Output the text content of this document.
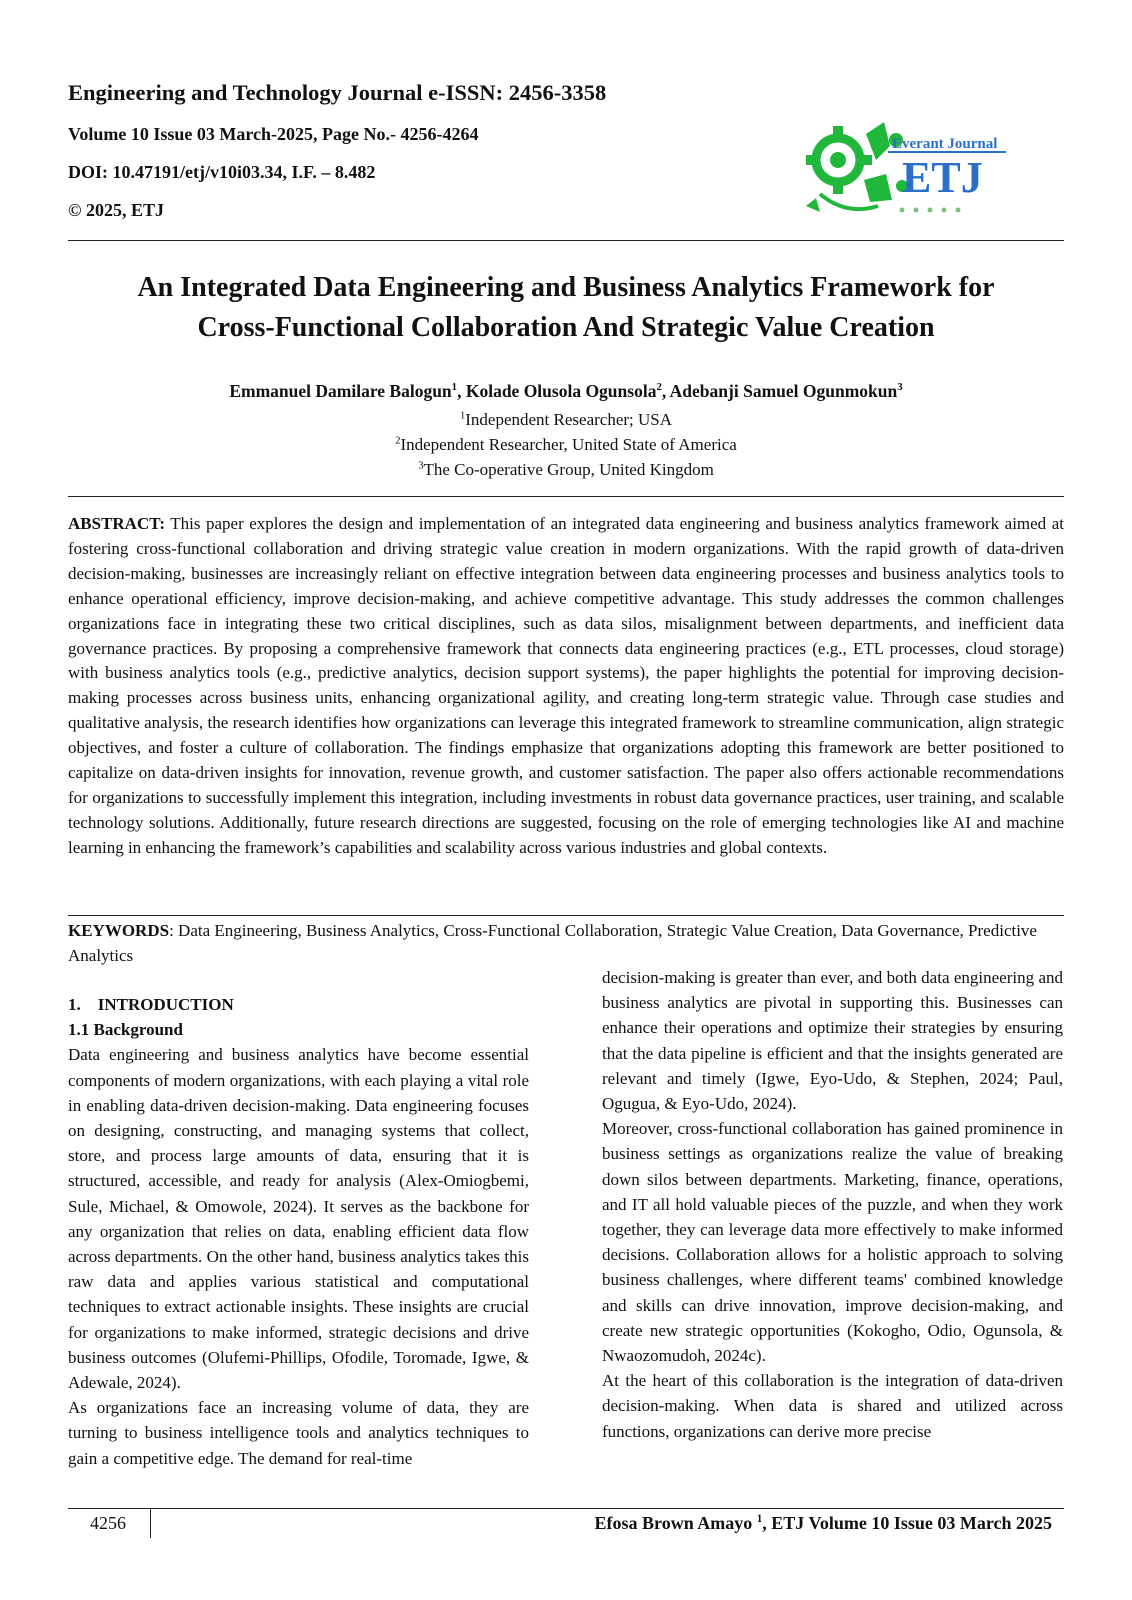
Engineering and Technology Journal e-ISSN: 2456-3358

Volume 10 Issue 03 March-2025, Page No.- 4256-4264

DOI: 10.47191/etj/v10i03.34, I.F. – 8.482

© 2025, ETJ

Everant Journal
ETJ
An Integrated Data Engineering and Business Analytics Framework for
Cross-Functional Collaboration And Strategic Value Creation

Emmanuel Damilare Balogun$^1$, Kolade Olusola Ogunsola$^2$, Adebanji Samuel Ogunmokun$^3$

$^1$Independent Researcher; USA
$^2$Independent Researcher, United State of America
$^3$The Co-operative Group, United Kingdom

ABSTRACT: This paper explores the design and implementation of an integrated data engineering and business analytics framework aimed at fostering cross-functional collaboration and driving strategic value creation in modern organizations. With the rapid growth of data-driven decision-making, businesses are increasingly reliant on effective integration between data engineering processes and business analytics tools to enhance operational efficiency, improve decision-making, and achieve competitive advantage. This study addresses the common challenges organizations face in integrating these two critical disciplines, such as data silos, misalignment between departments, and inefficient data governance practices. By proposing a comprehensive framework that connects data engineering practices (e.g., ETL processes, cloud storage) with business analytics tools (e.g., predictive analytics, decision support systems), the paper highlights the potential for improving decision-making processes across business units, enhancing organizational agility, and creating long-term strategic value. Through case studies and qualitative analysis, the research identifies how organizations can leverage this integrated framework to streamline communication, align strategic objectives, and foster a culture of collaboration. The findings emphasize that organizations adopting this framework are better positioned to capitalize on data-driven insights for innovation, revenue growth, and customer satisfaction. The paper also offers actionable recommendations for organizations to successfully implement this integration, including investments in robust data governance practices, user training, and scalable technology solutions. Additionally, future research directions are suggested, focusing on the role of emerging technologies like AI and machine learning in enhancing the framework’s capabilities and scalability across various industries and global contexts.

KEYWORDS: Data Engineering, Business Analytics, Cross-Functional Collaboration, Strategic Value Creation, Data Governance, Predictive Analytics

1. INTRODUCTION

1.1 Background

Data engineering and business analytics have become essential components of modern organizations, with each playing a vital role in enabling data-driven decision-making. Data engineering focuses on designing, constructing, and managing systems that collect, store, and process large amounts of data, ensuring that it is structured, accessible, and ready for analysis (Alex-Omiogbemi, Sule, Michael, & Omowole, 2024). It serves as the backbone for any organization that relies on data, enabling efficient data flow across departments. On the other hand, business analytics takes this raw data and applies various statistical and computational techniques to extract actionable insights. These insights are crucial for organizations to make informed, strategic decisions and drive business outcomes (Olufemi-Phillips, Ofodile, Toromade, Igwe, & Adewale, 2024).

As organizations face an increasing volume of data, they are turning to business intelligence tools and analytics techniques to gain a competitive edge. The demand for real-time

decision-making is greater than ever, and both data engineering and business analytics are pivotal in supporting this. Businesses can enhance their operations and optimize their strategies by ensuring that the data pipeline is efficient and that the insights generated are relevant and timely (Igwe, Eyo-Udo, & Stephen, 2024; Paul, Ogugua, & Eyo-Udo, 2024).

Moreover, cross-functional collaboration has gained prominence in business settings as organizations realize the value of breaking down silos between departments. Marketing, finance, operations, and IT all hold valuable pieces of the puzzle, and when they work together, they can leverage data more effectively to make informed decisions. Collaboration allows for a holistic approach to solving business challenges, where different teams' combined knowledge and skills can drive innovation, improve decision-making, and create new strategic opportunities (Kokogho, Odio, Ogunsola, & Nwaozomudoh, 2024c).

At the heart of this collaboration is the integration of data-driven decision-making. When data is shared and utilized across functions, organizations can derive more precise

4256	Efosa Brown Amayo $^1$, ETJ Volume 10 Issue 03 March 2025
